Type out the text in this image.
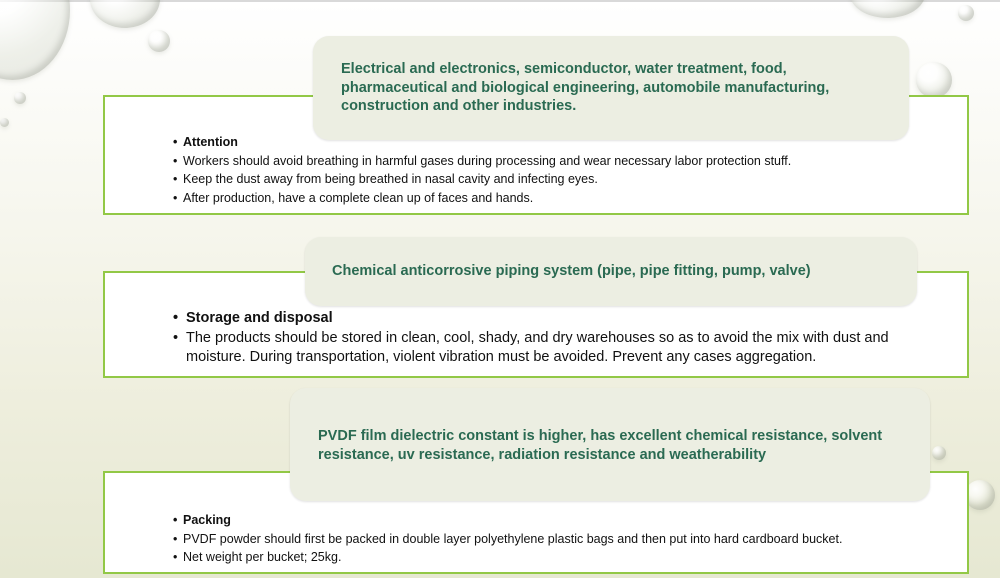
• Attention
• Workers should avoid breathing in harmful gases during processing and wear necessary labor protection stuff.
• Keep the dust away from being breathed in nasal cavity and infecting eyes.
• After production, have a complete clean up of faces and hands.
Electrical and electronics, semiconductor, water treatment, food, pharmaceutical and biological engineering, automobile manufacturing, construction and other industries.
• Storage and disposal
• The products should be stored in clean, cool, shady, and dry warehouses so as to avoid the mix with dust and moisture. During transportation, violent vibration must be avoided. Prevent any cases aggregation.
Chemical anticorrosive piping system (pipe, pipe fitting, pump, valve)
• Packing
• PVDF powder should first be packed in double layer polyethylene plastic bags and then put into hard cardboard bucket.
• Net weight per bucket; 25kg.
PVDF film dielectric constant is higher, has excellent chemical resistance, solvent resistance, uv resistance, radiation resistance and weatherability
